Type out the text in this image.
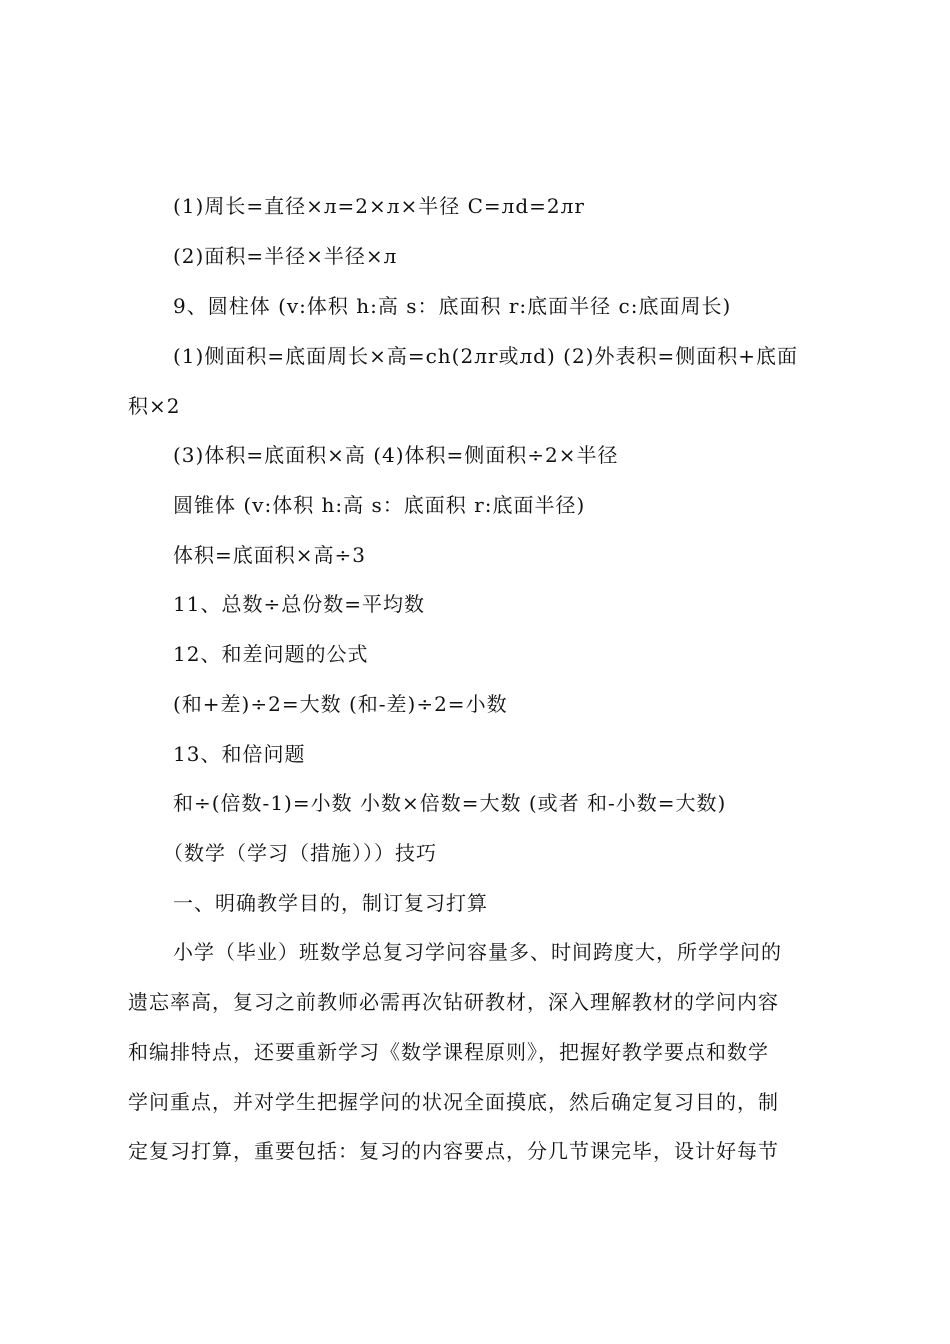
(1)周长=直径×л=2×л×半径 C=лd=2лr
(2)面积=半径×半径×л
9、圆柱体 (v:体积 h:高 s：底面积 r:底面半径 c:底面周长)
(1)侧面积=底面周长×高=ch(2лr或лd) (2)外表积=侧面积+底面
积×2
(3)体积=底面积×高 (4)体积=侧面积÷2×半径
圆锥体 (v:体积 h:高 s：底面积 r:底面半径)
体积=底面积×高÷3
11、总数÷总份数=平均数
12、和差问题的公式
(和+差)÷2=大数 (和-差)÷2=小数
13、和倍问题
和÷(倍数-1)=小数 小数×倍数=大数 (或者 和-小数=大数)
（数学（学习（措施）））技巧
一、明确教学目的，制订复习打算
小学（毕业）班数学总复习学问容量多、时间跨度大，所学学问的
遗忘率高，复习之前教师必需再次钻研教材，深入理解教材的学问内容
和编排特点，还要重新学习《数学课程原则》，把握好教学要点和数学
学问重点，并对学生把握学问的状况全面摸底，然后确定复习目的，制
定复习打算，重要包括：复习的内容要点，分几节课完毕，设计好每节
